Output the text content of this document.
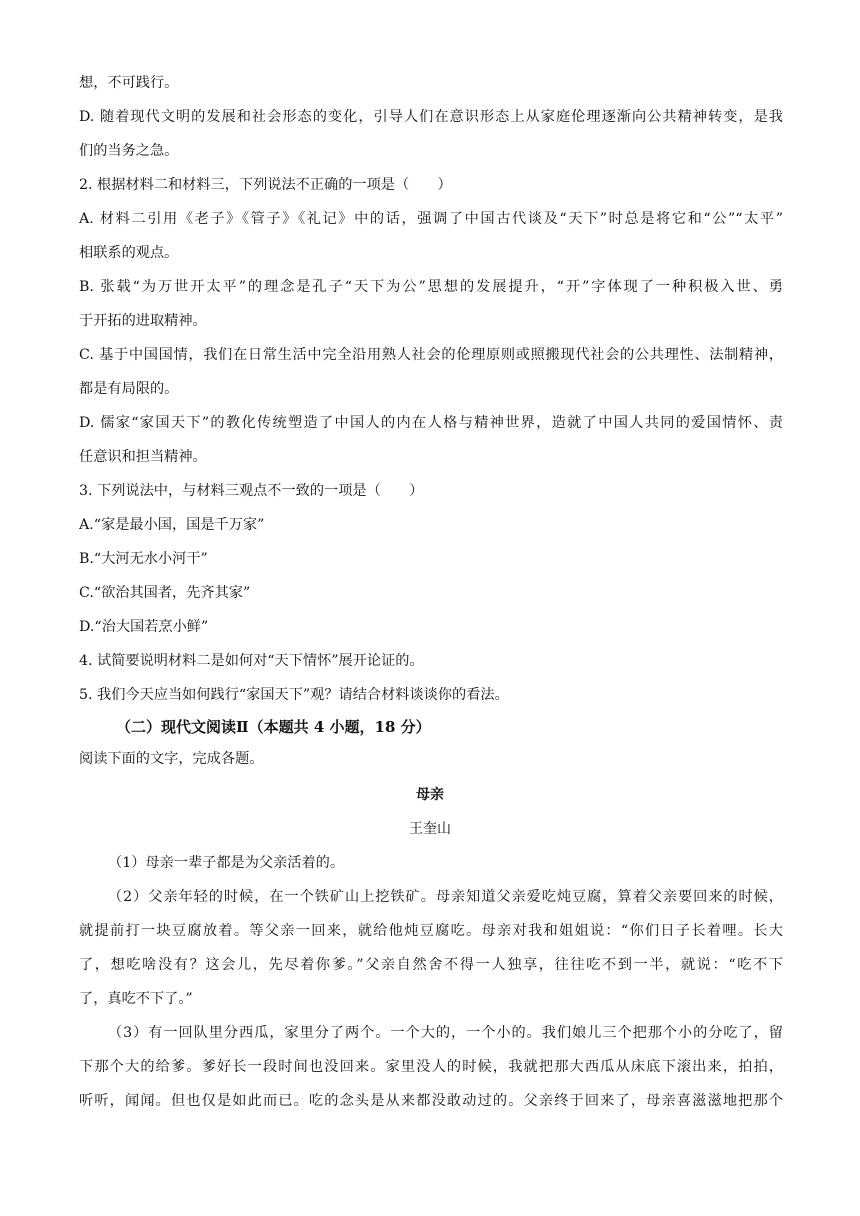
想，不可践行。
D. 随着现代文明的发展和社会形态的变化，引导人们在意识形态上从家庭伦理逐渐向公共精神转变，是我
们的当务之急。
2. 根据材料二和材料三，下列说法不正确的一项是（　　）
A. 材料二引用《老子》《管子》《礼记》中的话，强调了中国古代谈及“天下”时总是将它和“公”“太平”
相联系的观点。
B. 张载“为万世开太平”的理念是孔子“天下为公”思想的发展提升，“开”字体现了一种积极入世、勇
于开拓的进取精神。
C. 基于中国国情，我们在日常生活中完全沿用熟人社会的伦理原则或照搬现代社会的公共理性、法制精神，
都是有局限的。
D. 儒家“家国天下”的教化传统塑造了中国人的内在人格与精神世界，造就了中国人共同的爱国情怀、责
任意识和担当精神。
3. 下列说法中，与材料三观点不一致的一项是（　　）
A.“家是最小国，国是千万家”
B.“大河无水小河干”
C.“欲治其国者，先齐其家”
D.“治大国若烹小鲜”
4. 试简要说明材料二是如何对“天下情怀”展开论证的。
5. 我们今天应当如何践行“家国天下”观？请结合材料谈谈你的看法。
（二）现代文阅读Ⅱ（本题共 4 小题，18 分）
阅读下面的文字，完成各题。
母亲
王奎山
（1）母亲一辈子都是为父亲活着的。
（2）父亲年轻的时候，在一个铁矿山上挖铁矿。母亲知道父亲爱吃炖豆腐，算着父亲要回来的时候，
就提前打一块豆腐放着。等父亲一回来，就给他炖豆腐吃。母亲对我和姐姐说：“你们日子长着哩。长大
了，想吃啥没有？这会儿，先尽着你爹。”父亲自然舍不得一人独享，往往吃不到一半，就说：“吃不下
了，真吃不下了。”
（3）有一回队里分西瓜，家里分了两个。一个大的，一个小的。我们娘儿三个把那个小的分吃了，留
下那个大的给爹。爹好长一段时间也没回来。家里没人的时候，我就把那大西瓜从床底下滚出来，拍拍，
听听，闻闻。但也仅是如此而已。吃的念头是从来都没敢动过的。父亲终于回来了，母亲喜滋滋地把那个
